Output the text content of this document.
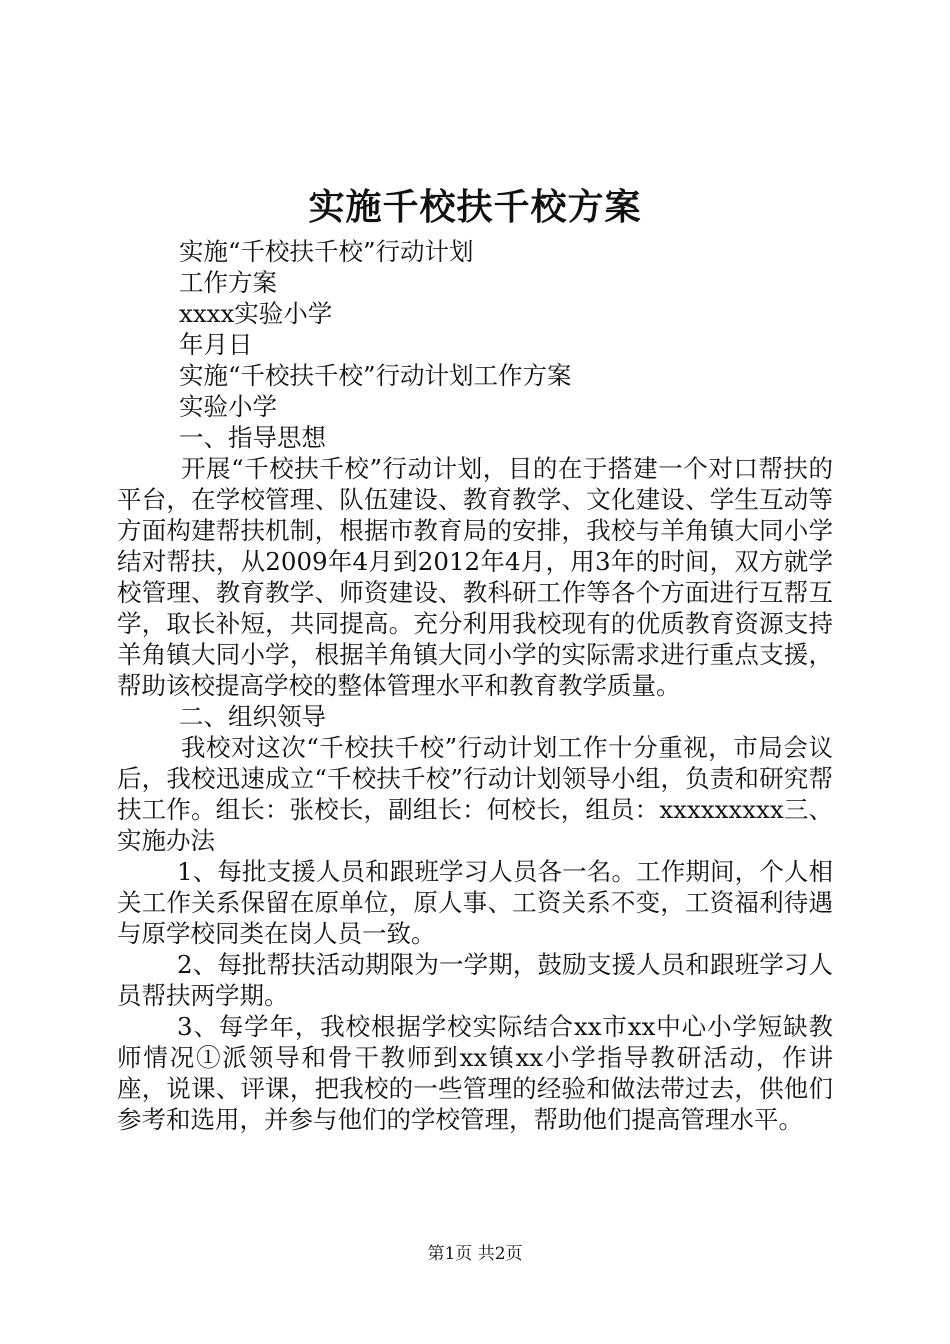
实施千校扶千校方案

实施“千校扶千校”行动计划

工作方案

xxxx实验小学

年月日

实施“千校扶千校”行动计划工作方案

实验小学

一、指导思想

开展“千校扶千校”行动计划，目的在于搭建一个对口帮扶的平台，在学校管理、队伍建设、教育教学、文化建设、学生互动等方面构建帮扶机制，根据市教育局的安排，我校与羊角镇大同小学结对帮扶，从2009年4月到2012年4月，用3年的时间，双方就学校管理、教育教学、师资建设、教科研工作等各个方面进行互帮互学，取长补短，共同提高。充分利用我校现有的优质教育资源支持羊角镇大同小学，根据羊角镇大同小学的实际需求进行重点支援，帮助该校提高学校的整体管理水平和教育教学质量。

二、组织领导

我校对这次“千校扶千校”行动计划工作十分重视，市局会议后，我校迅速成立“千校扶千校”行动计划领导小组，负责和研究帮扶工作。组长：张校长，副组长：何校长，组员：xxxxxxxxx三、实施办法

1、每批支援人员和跟班学习人员各一名。工作期间，个人相关工作关系保留在原单位，原人事、工资关系不变，工资福利待遇与原学校同类在岗人员一致。

2、每批帮扶活动期限为一学期，鼓励支援人员和跟班学习人员帮扶两学期。

3、每学年，我校根据学校实际结合xx市xx中心小学短缺教师情况①派领导和骨干教师到xx镇xx小学指导教研活动，作讲座，说课、评课，把我校的一些管理的经验和做法带过去，供他们参考和选用，并参与他们的学校管理，帮助他们提高管理水平。

第1页 共2页
